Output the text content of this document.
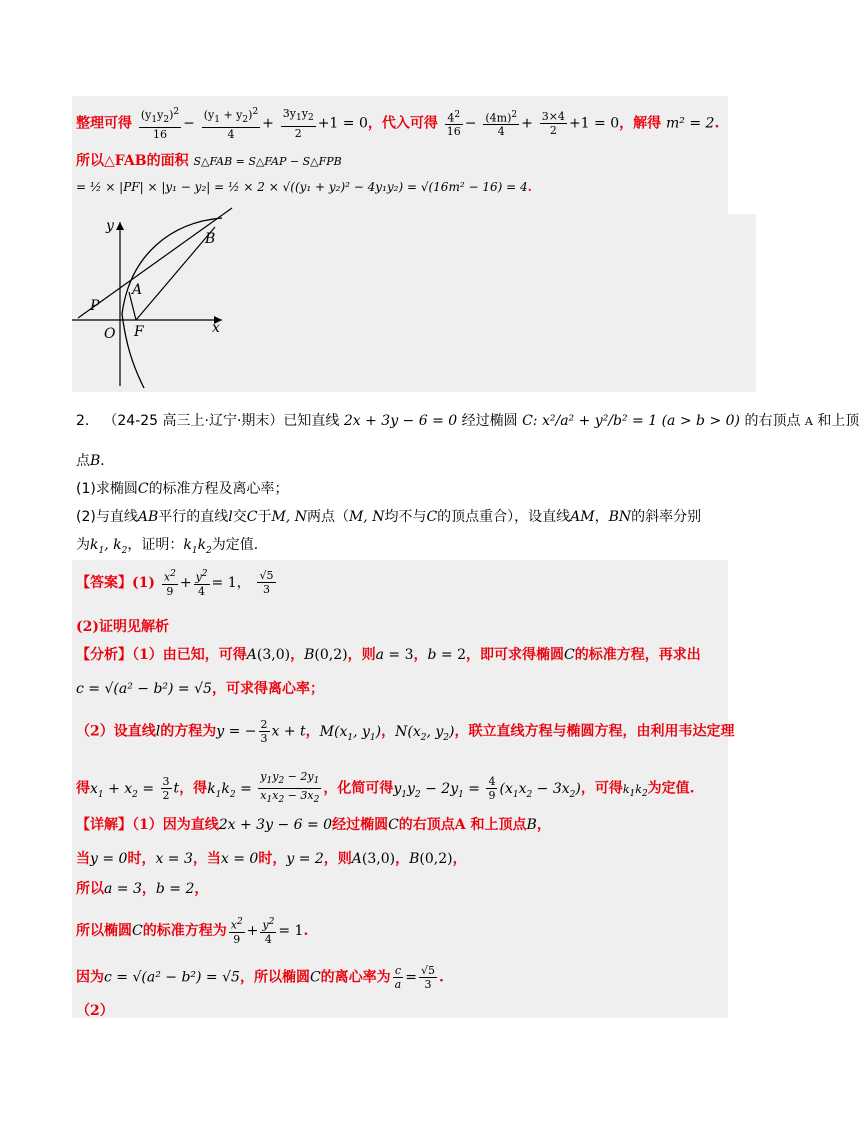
整理可得 $\frac{(y_1y_2)^2}{16} - \frac{(y_1 + y_2)^2}{4} + \frac{3y_1y_2}{2} +1 = 0$，代入可得 $\frac{4^2}{16} - \frac{(4m)^2}{4} + \frac{3\times 4}{2} +1 = 0$，解得 m² = 2.
所以△FAB的面积 S△FAB = S△FAP − S△FPB
= ½ × |PF| × |y₁ − y₂| = ½ × 2 × √((y₁ + y₂)² − 4y₁y₂) = √(16m² − 16) = 4.
y
x
B
A
P
O F
2． （24-25 高三上·辽宁·期末）已知直线 2x + 3y − 6 = 0 经过椭圆 C: x²/a² + y²/b² = 1 (a > b > 0) 的右顶点 A 和上顶
点B．
(1)求椭圆C的标准方程及离心率；
(2)与直线AB平行的直线l交C于M, N两点（M, N均不与C的顶点重合），设直线AM，BN的斜率分别
为$k_1$, $k_2$，证明：$k_1k_2$为定值．
【答案】$(1) \frac{x^2}{9} + \frac{y^2}{4} = 1$， $\frac{√5}{3}$
(2)证明见解析
【分析】（1）由已知，可得A(3,0)，B(0,2)，则a = 3，b = 2，即可求得椭圆C的标准方程，再求出
c = √(a² − b²) = √5，可求得离心率；
（2）设直线l的方程为y = − $\frac{2}{3}$ x + t，$M(x_1$, $y_1$)，$N(x_2$, $y_2$)，联立直线方程与椭圆方程，由利用韦达定理
得$x_1 + x_2 = \frac{3}{2}$ t，得$k_1k_2 = \frac{y_1y_2 - 2y_1}{x_1x_2 - 3x_2}$ ，化简可得$y_1y_2 - 2y_1 = \frac{4}{9} (x_1x_2 - 3x_2)$，可得$k_1k_2$为定值.
【详解】（1）因为直线2x + 3y − 6 = 0经过椭圆C的右顶点A 和上顶点B，
当y = 0时，x = 3，当x = 0时，y = 2，则A(3,0)，B(0,2)，
所以a = 3，b = 2，
所以椭圆C的标准方程为 $\frac{x^2}{9} + \frac{y^2}{4} = 1$.
因为c = √(a² − b²) = √5，所以椭圆C的离心率为 $\frac{c}{a} = \frac{√5}{3}$ .
（2）
